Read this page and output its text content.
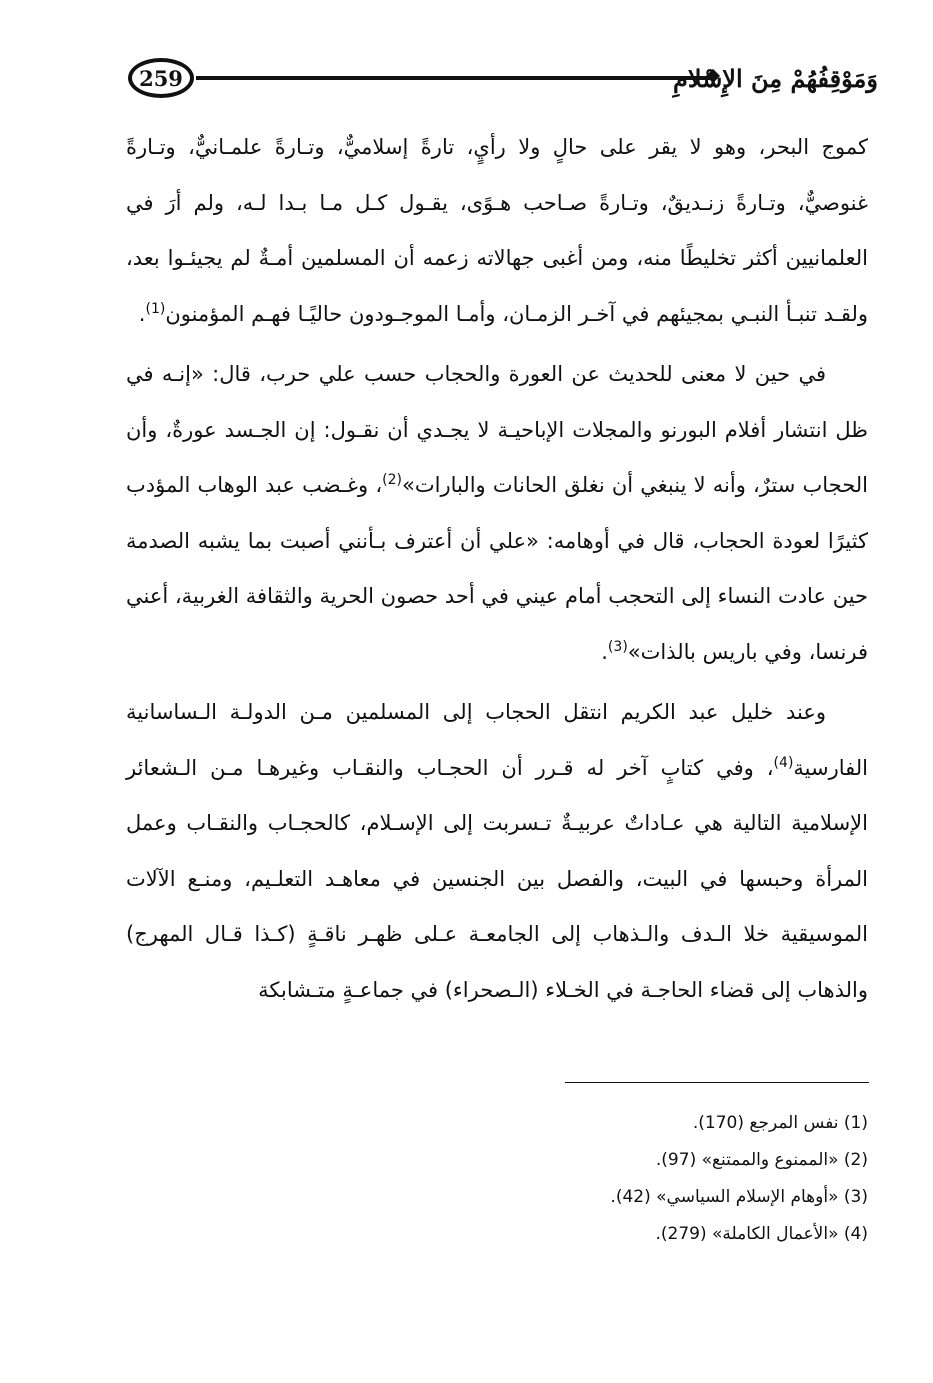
259	وَمَوْقِفُهُمْ مِنَ الإِسْلامِ

كموج البحر، وهو لا يقر على حالٍ ولا رأيٍ، تارةً إسلاميٌّ، وتـارةً علمـانيٌّ، وتـارةً غنوصيٌّ، وتـارةً زنـديقٌ، وتـارةً صـاحب هـوًى، يقـول كـل مـا بـدا لـه، ولم أرَ في العلمانيين أكثر تخليطًا منه، ومن أغبى جهالاته زعمه أن المسلمين أمـةٌ لم يجيئـوا بعد، ولقـد تنبـأ النبـي بمجيئهم في آخـر الزمـان، وأمـا الموجـودون حاليًـا فهـم المؤمنون$^{(1)}$.

في حين لا معنى للحديث عن العورة والحجاب حسب علي حرب، قال: «إنـه في ظل انتشار أفلام البورنو والمجلات الإباحيـة لا يجـدي أن نقـول: إن الجـسد عورةٌ، وأن الحجاب سترٌ، وأنه لا ينبغي أن نغلق الحانات والبارات»$^{(2)}$، وغـضب عبد الوهاب المؤدب كثيرًا لعودة الحجاب، قال في أوهامه: «علي أن أعترف بـأنني أصبت بما يشبه الصدمة حين عادت النساء إلى التحجب أمام عيني في أحد حصون الحرية والثقافة الغربية، أعني فرنسا، وفي باريس بالذات»$^{(3)}$.

وعند خليل عبد الكريم انتقل الحجاب إلى المسلمين مـن الدولـة الـساسانية الفارسية$^{(4)}$، وفي كتابٍ آخر له قـرر أن الحجـاب والنقـاب وغيرهـا مـن الـشعائر الإسلامية التالية هي عـاداتٌ عربيـةٌ تـسربت إلى الإسـلام، كالحجـاب والنقـاب وعمل المرأة وحبسها في البيت، والفصل بين الجنسين في معاهـد التعلـيم، ومنـع الآلات الموسيقية خلا الـدف والـذهاب إلى الجامعـة عـلى ظهـر ناقـةٍ (كـذا قـال المهرج) والذهاب إلى قضاء الحاجـة في الخـلاء (الـصحراء) في جماعـةٍ متـشابكة

(1) نفس المرجع (170).

(2) «الممنوع والممتنع» (97).

(3) «أوهام الإسلام السياسي» (42).

(4) «الأعمال الكاملة» (279).
